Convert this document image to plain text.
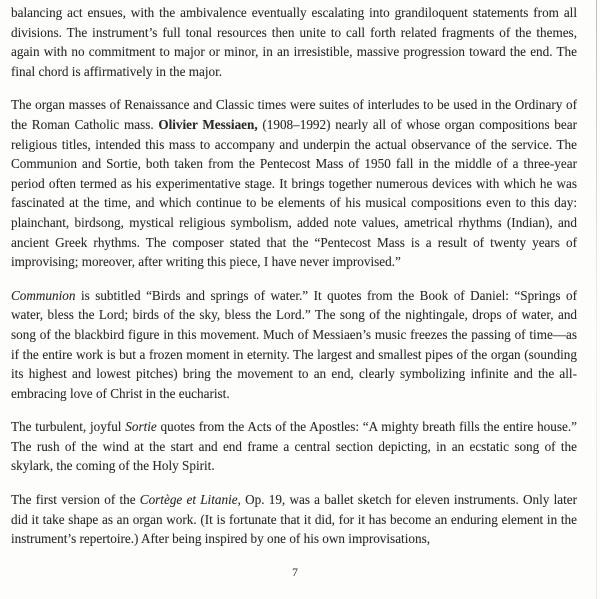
balancing act ensues, with the ambivalence eventually escalating into grandiloquent statements from all divisions. The instrument’s full tonal resources then unite to call forth related fragments of the themes, again with no commitment to major or minor, in an irresistible, massive progression toward the end. The final chord is affirmatively in the major.

The organ masses of Renaissance and Classic times were suites of interludes to be used in the Ordinary of the Roman Catholic mass. Olivier Messiaen, (1908–1992) nearly all of whose organ compositions bear religious titles, intended this mass to accompany and underpin the actual observance of the service. The Communion and Sortie, both taken from the Pentecost Mass of 1950 fall in the middle of a three-year period often termed as his experimentative stage. It brings together numerous devices with which he was fascinated at the time, and which continue to be elements of his musical compositions even to this day: plainchant, birdsong, mystical religious symbolism, added note values, ametrical rhythms (Indian), and ancient Greek rhythms. The composer stated that the “Pentecost Mass is a result of twenty years of improvising; moreover, after writing this piece, I have never improvised.”

Communion is subtitled “Birds and springs of water.” It quotes from the Book of Daniel: “Springs of water, bless the Lord; birds of the sky, bless the Lord.” The song of the nightingale, drops of water, and song of the blackbird figure in this movement. Much of Messiaen’s music freezes the passing of time—as if the entire work is but a frozen moment in eternity. The largest and smallest pipes of the organ (sounding its highest and lowest pitches) bring the movement to an end, clearly symbolizing infinite and the all-embracing love of Christ in the eucharist.

The turbulent, joyful Sortie quotes from the Acts of the Apostles: “A mighty breath fills the entire house.” The rush of the wind at the start and end frame a central section depicting, in an ecstatic song of the skylark, the coming of the Holy Spirit.

The first version of the Cortège et Litanie, Op. 19, was a ballet sketch for eleven instruments. Only later did it take shape as an organ work. (It is fortunate that it did, for it has become an enduring element in the instrument’s repertoire.) After being inspired by one of his own improvisations,

7
